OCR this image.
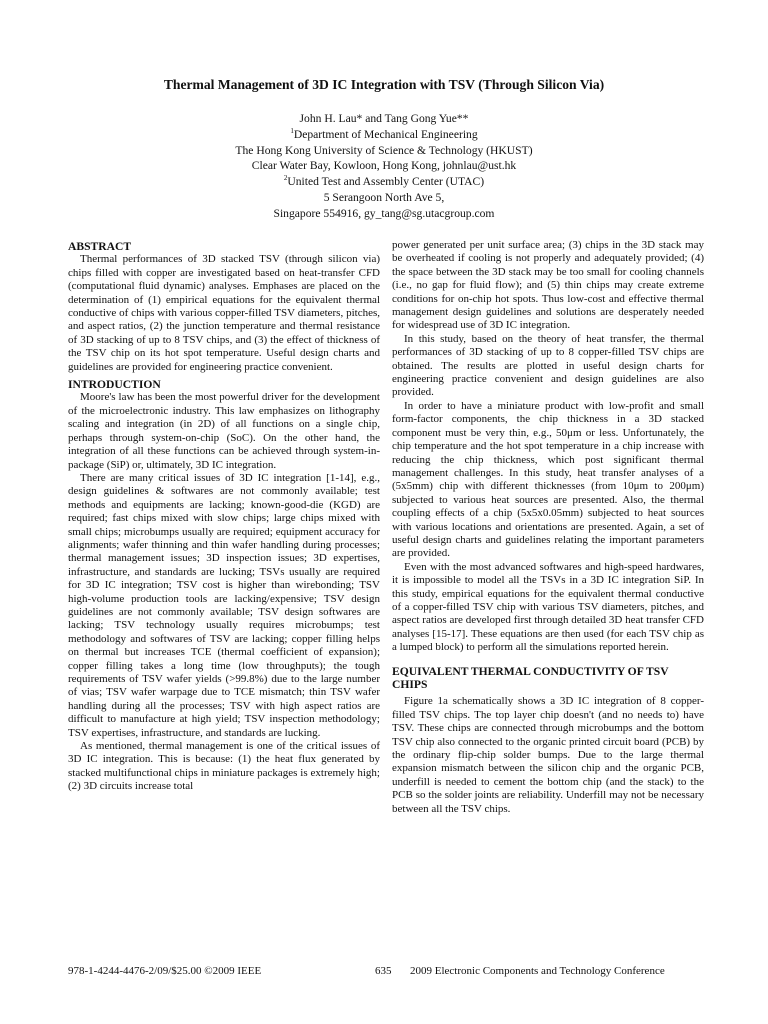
Thermal Management of 3D IC Integration with TSV (Through Silicon Via)
John H. Lau* and Tang Gong Yue**
$^1$Department of Mechanical Engineering
The Hong Kong University of Science & Technology (HKUST)
Clear Water Bay, Kowloon, Hong Kong, johnlau@ust.hk
$^2$United Test and Assembly Center (UTAC)
5 Serangoon North Ave 5,
Singapore 554916, gy_tang@sg.utacgroup.com
ABSTRACT

Thermal performances of 3D stacked TSV (through silicon via) chips filled with copper are investigated based on heat-transfer CFD (computational fluid dynamic) analyses. Emphases are placed on the determination of (1) empirical equations for the equivalent thermal conductive of chips with various copper-filled TSV diameters, pitches, and aspect ratios, (2) the junction temperature and thermal resistance of 3D stacking of up to 8 TSV chips, and (3) the effect of thickness of the TSV chip on its hot spot temperature. Useful design charts and guidelines are provided for engineering practice convenient.

INTRODUCTION

Moore's law has been the most powerful driver for the development of the microelectronic industry. This law emphasizes on lithography scaling and integration (in 2D) of all functions on a single chip, perhaps through system-on-chip (SoC). On the other hand, the integration of all these functions can be achieved through system-in-package (SiP) or, ultimately, 3D IC integration.

There are many critical issues of 3D IC integration [1-14], e.g., design guidelines & softwares are not commonly available; test methods and equipments are lacking; known-good-die (KGD) are required; fast chips mixed with slow chips; large chips mixed with small chips; microbumps usually are required; equipment accuracy for alignments; wafer thinning and thin wafer handling during processes; thermal management issues; 3D inspection issues; 3D expertises, infrastructure, and standards are lucking; TSVs usually are required for 3D IC integration; TSV cost is higher than wirebonding; TSV high-volume production tools are lacking/expensive; TSV design guidelines are not commonly available; TSV design softwares are lacking; TSV technology usually requires microbumps; test methodology and softwares of TSV are lacking; copper filling helps on thermal but increases TCE (thermal coefficient of expansion); copper filling takes a long time (low throughputs); the tough requirements of TSV wafer yields (>99.8%) due to the large number of vias; TSV wafer warpage due to TCE mismatch; thin TSV wafer handling during all the processes; TSV with high aspect ratios are difficult to manufacture at high yield; TSV inspection methodology; TSV expertises, infrastructure, and standards are lucking.

As mentioned, thermal management is one of the critical issues of 3D IC integration. This is because: (1) the heat flux generated by stacked multifunctional chips in miniature packages is extremely high; (2) 3D circuits increase total

power generated per unit surface area; (3) chips in the 3D stack may be overheated if cooling is not properly and adequately provided; (4) the space between the 3D stack may be too small for cooling channels (i.e., no gap for fluid flow); and (5) thin chips may create extreme conditions for on-chip hot spots. Thus low-cost and effective thermal management design guidelines and solutions are desperately needed for widespread use of 3D IC integration.

In this study, based on the theory of heat transfer, the thermal performances of 3D stacking of up to 8 copper-filled TSV chips are obtained. The results are plotted in useful design charts for engineering practice convenient and design guidelines are also provided.

In order to have a miniature product with low-profit and small form-factor components, the chip thickness in a 3D stacked component must be very thin, e.g., 50μm or less. Unfortunately, the chip temperature and the hot spot temperature in a chip increase with reducing the chip thickness, which post significant thermal management challenges. In this study, heat transfer analyses of a (5x5mm) chip with different thicknesses (from 10μm to 200μm) subjected to various heat sources are presented. Also, the thermal coupling effects of a chip (5x5x0.05mm) subjected to heat sources with various locations and orientations are presented. Again, a set of useful design charts and guidelines relating the important parameters are provided.

Even with the most advanced softwares and high-speed hardwares, it is impossible to model all the TSVs in a 3D IC integration SiP. In this study, empirical equations for the equivalent thermal conductive of a copper-filled TSV chip with various TSV diameters, pitches, and aspect ratios are developed first through detailed 3D heat transfer CFD analyses [15-17]. These equations are then used (for each TSV chip as a lumped block) to perform all the simulations reported herein.

EQUIVALENT THERMAL CONDUCTIVITY OF TSV CHIPS

Figure 1a schematically shows a 3D IC integration of 8 copper-filled TSV chips. The top layer chip doesn't (and no needs to) have TSV. These chips are connected through microbumps and the bottom TSV chip also connected to the organic printed circuit board (PCB) by the ordinary flip-chip solder bumps. Due to the large thermal expansion mismatch between the silicon chip and the organic PCB, underfill is needed to cement the bottom chip (and the stack) to the PCB so the solder joints are reliability. Underfill may not be necessary between all the TSV chips.

978-1-4244-4476-2/09/$25.00 ©2009 IEEE	635 2009 Electronic Components and Technology Conference
